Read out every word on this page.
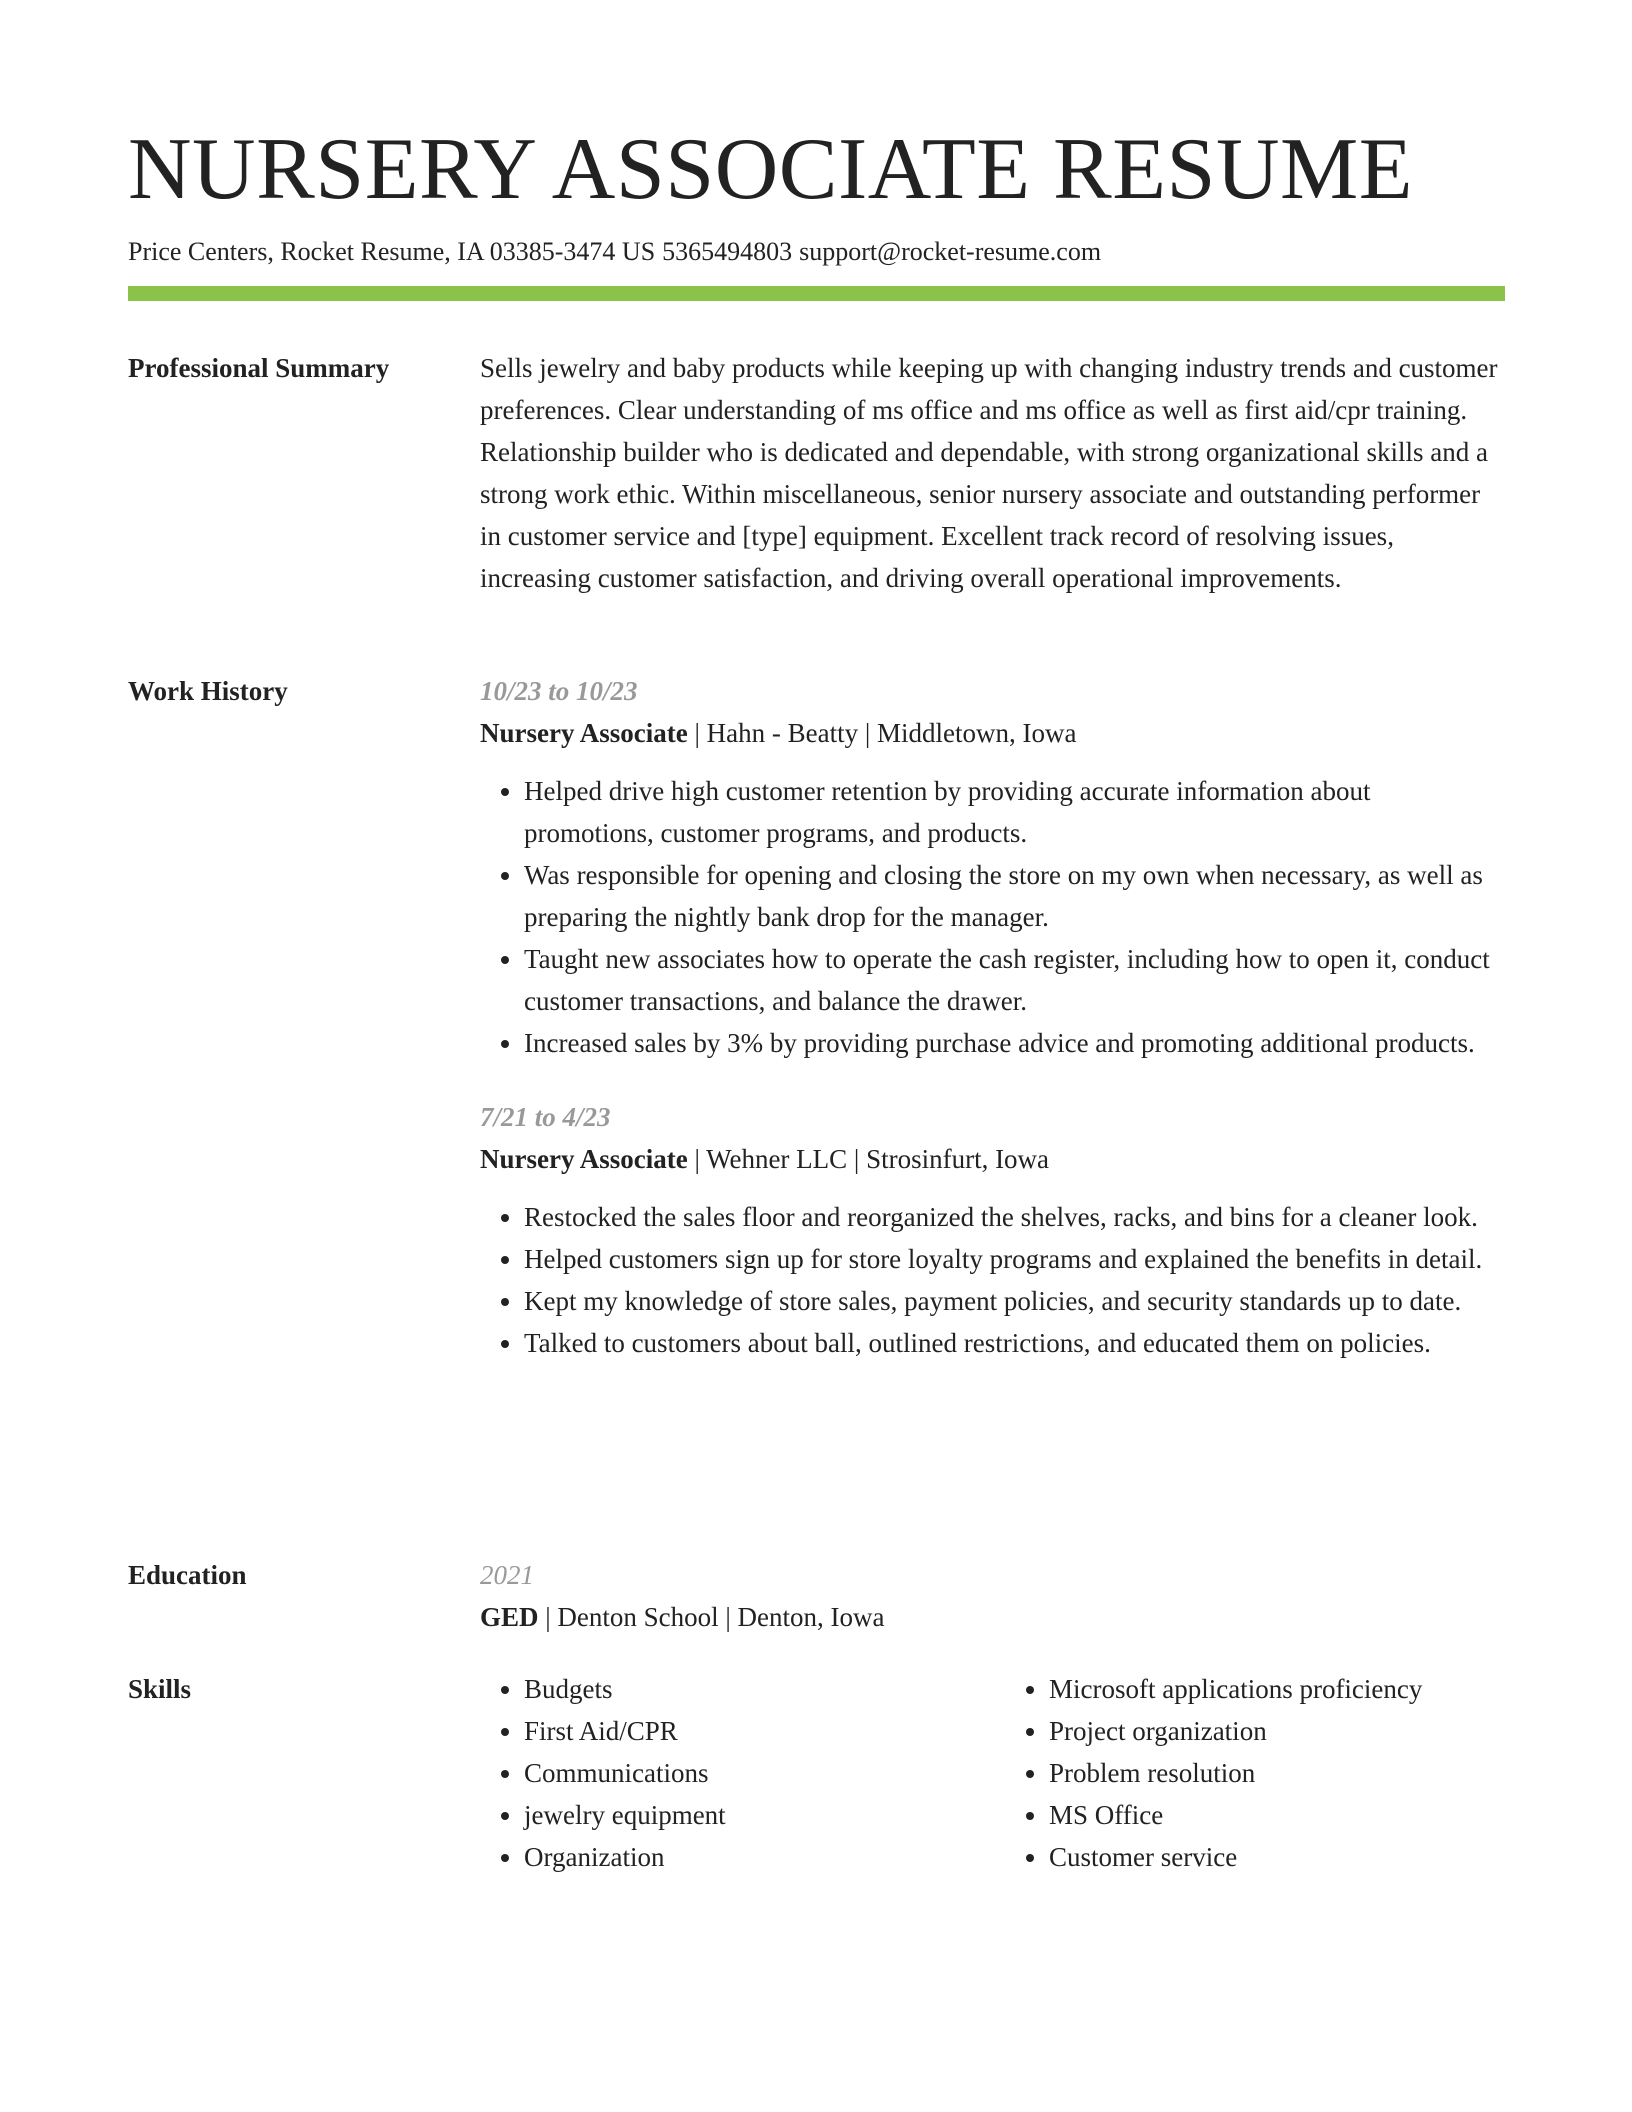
NURSERY ASSOCIATE RESUME
Price Centers, Rocket Resume, IA 03385-3474 US 5365494803 support@rocket-resume.com
Professional Summary	Sells jewelry and baby products while keeping up with changing industry trends and customer preferences. Clear understanding of ms office and ms office as well as first aid/cpr training. Relationship builder who is dedicated and dependable, with strong organizational skills and a strong work ethic. Within miscellaneous, senior nursery associate and outstanding performer in customer service and [type] equipment. Excellent track record of resolving issues, increasing customer satisfaction, and driving overall operational improvements.

Work History	10/23 to 10/23
Nursery Associate | Hahn - Beatty | Middletown, Iowa
• Helped drive high customer retention by providing accurate information about promotions, customer programs, and products.
• Was responsible for opening and closing the store on my own when necessary, as well as preparing the nightly bank drop for the manager.
• Taught new associates how to operate the cash register, including how to open it, conduct customer transactions, and balance the drawer.
• Increased sales by 3% by providing purchase advice and promoting additional products.
7/21 to 4/23
Nursery Associate | Wehner LLC | Strosinfurt, Iowa
• Restocked the sales floor and reorganized the shelves, racks, and bins for a cleaner look.
• Helped customers sign up for store loyalty programs and explained the benefits in detail.
• Kept my knowledge of store sales, payment policies, and security standards up to date.
• Talked to customers about ball, outlined restrictions, and educated them on policies.
Education	2021
GED | Denton School | Denton, Iowa
Skills
•	Budgets
• First Aid/CPR
• Communications
• jewelry equipment
• Organization
• Microsoft applications proficiency
• Project organization
• Problem resolution
• MS Office
• Customer service
